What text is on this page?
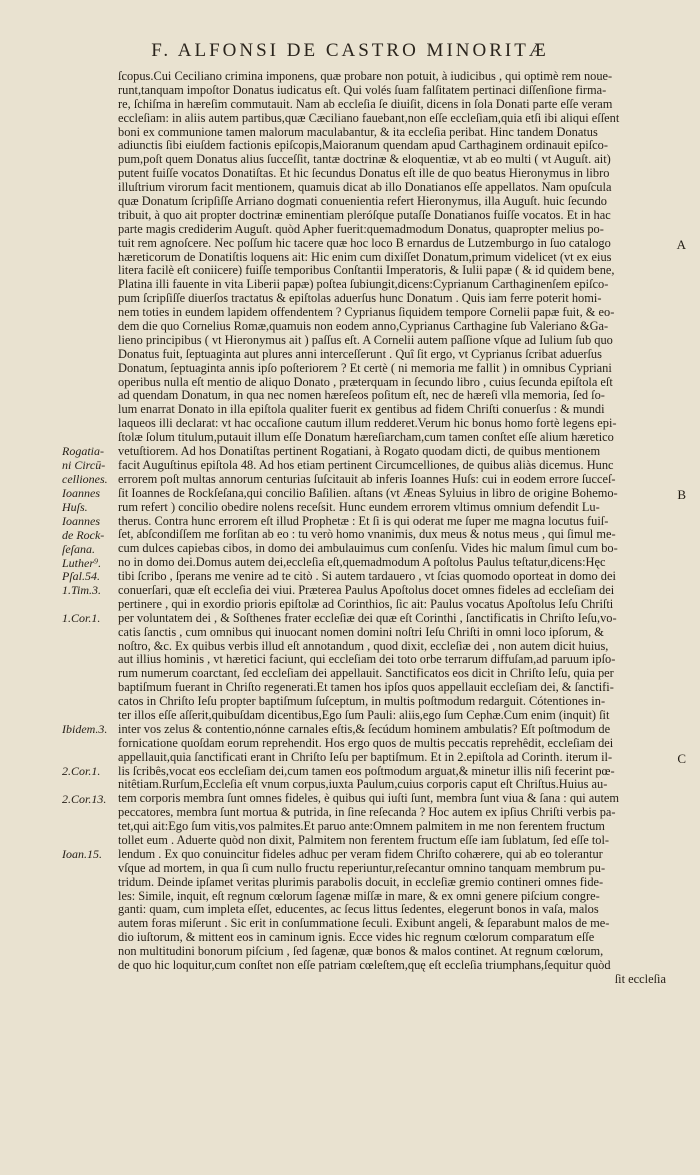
F. ALFONSI DE CASTRO MINORITÆ
ſcopus.Cui Ceciliano crimina imponens, quæ probare non potuit, à iudicibus , qui optimè rem noue-
runt,tanquam impoſtor Donatus iudicatus eſt. Qui volés ſuam falſitatem pertinaci diſſenſione firma-
re, ſchiſma in hæreſim commutauit. Nam ab eccleſia ſe diuiſit, dicens in ſola Donati parte eſſe veram
eccleſiam: in aliis autem partibus,quæ Cæciliano fauebant,non eſſe eccleſiam,quia etſi ibi aliqui eſſent
boni ex communione tamen malorum maculabantur, & ita eccleſia peribat. Hinc tandem Donatus
adiunctis ſibi eiuſdem factionis epiſcopis,Maioranum quendam apud Carthaginem ordinauit epiſco-
pum,poſt quem Donatus alius ſucceſſit, tantæ doctrinæ & eloquentiæ, vt ab eo multi ( vt Auguſt. ait)
putent fuiſſe vocatos Donatiſtas. Et hic ſecundus Donatus eſt ille de quo beatus Hieronymus in libro
illuſtrium virorum facit mentionem, quamuis dicat ab illo Donatianos eſſe appellatos. Nam opuſcula
quæ Donatum ſcripſiſſe Arriano dogmati conuenientia refert Hieronymus, illa Auguſt. huic ſecundo
tribuit, à quo ait propter doctrinæ eminentiam pleróſque putaſſe Donatianos fuiſſe vocatos. Et in hac
parte magis crediderim Auguſt. quòd Apher fuerit:quemadmodum Donatus, quapropter melius po-
tuit rem agnoſcere. Nec poſſum hic tacere quæ hoc loco B ernardus de Lutzemburgo in ſuo catalogo
hæreticorum de Donatiſtis loquens ait: Hic enim cum dixiſſet Donatum,primum videlicet (vt ex eius
litera facilè eſt coniicere) fuiſſe temporibus Conſtantii Imperatoris, & Iulii papæ ( & id quidem bene,
Platina illi fauente in vita Liberii papæ) poſtea ſubiungit,dicens:Cyprianum Carthaginenſem epiſco-
pum ſcripſiſſe diuerſos tractatus & epiſtolas aduerſus hunc Donatum . Quis iam ferre poterit homi-
nem toties in eundem lapidem offendentem ? Cyprianus ſiquidem tempore Cornelii papæ fuit, & eo-
dem die quo Cornelius Romæ,quamuis non eodem anno,Cyprianus Carthagine ſub Valeriano &Ga-
lieno principibus ( vt Hieronymus ait ) paſſus eſt. A Cornelii autem paſſione vſque ad Iulium ſub quo
Donatus fuit, ſeptuaginta aut plures anni interceſſerunt . Quî ſit ergo, vt Cyprianus ſcribat aduerſus
Donatum, ſeptuaginta annis ipſo poſteriorem ? Et certè ( ni memoria me fallit ) in omnibus Cypriani
operibus nulla eſt mentio de aliquo Donato , præterquam in ſecundo libro , cuius ſecunda epiſtola eſt
ad quendam Donatum, in qua nec nomen hæreſeos poſitum eſt, nec de hæreſi vlla memoria, ſed ſo-
lum enarrat Donato in illa epiſtola qualiter fuerit ex gentibus ad fidem Chriſti conuerſus : & mundi
laqueos illi declarat: vt hac occaſione cautum illum redderet.Verum hic bonus homo fortè legens epi-
ſtolæ ſolum titulum,putauit illum eſſe Donatum hæreſiarcham,cum tamen conſtet eſſe alium hæretico
vetuſtiorem. Ad hos Donatiſtas pertinent Rogatiani, à Rogato quodam dicti, de quibus mentionem
facit Auguſtinus epiſtola 48. Ad hos etiam pertinent Circumcelliones, de quibus aliàs dicemus. Hunc
errorem poſt multas annorum centurias ſuſcitauit ab inferis Ioannes Huſs: cui in eodem errore ſucceſ-
ſit Ioannes de Rockſeſana,qui concilio Baſilien. aſtans (vt Æneas Syluius in libro de origine Bohemo-
rum refert ) concilio obedire nolens receſsit. Hunc eundem errorem vltimus omnium defendit Lu-
therus. Contra hunc errorem eſt illud Prophetæ : Et ſi is qui oderat me ſuper me magna locutus fuiſ-
ſet, abſcondiſſem me forſitan ab eo : tu verò homo vnanimis, dux meus & notus meus , qui ſimul me-
cum dulces capiebas cibos, in domo dei ambulauimus cum conſenſu. Vides hic malum ſimul cum bo-
no in domo dei.Domus autem dei,eccleſia eſt,quemadmodum A poſtolus Paulus teſtatur,dicens:Hęc
tibi ſcribo , ſperans me venire ad te citò . Si autem tardauero , vt ſcias quomodo oporteat in domo dei
conuerſari, quæ eſt eccleſia dei viui. Præterea Paulus Apoſtolus docet omnes fideles ad eccleſiam dei
pertinere , qui in exordio prioris epiſtolæ ad Corinthios, ſic ait: Paulus vocatus Apoſtolus Ieſu Chriſti
per voluntatem dei , & Soſthenes frater eccleſiæ dei quæ eſt Corinthi , ſanctificatis in Chriſto Ieſu,vo-
catis ſanctis , cum omnibus qui inuocant nomen domini noſtri Ieſu Chriſti in omni loco ipſorum, &
noſtro, &c. Ex quibus verbis illud eſt annotandum , quod dixit, eccleſiæ dei , non autem dicit huius,
aut illius hominis , vt hæretici faciunt, qui eccleſiam dei toto orbe terrarum diffuſam,ad paruum ipſo-
rum numerum coarctant, ſed eccleſiam dei appellauit. Sanctificatos eos dicit in Chriſto Ieſu, quia per
baptiſmum fuerant in Chriſto regenerati.Et tamen hos ipſos quos appellauit eccleſiam dei, & ſanctifi-
catos in Chriſto Ieſu propter baptiſmum ſuſceptum, in multis poſtmodum redarguit. Cótentiones in-
ter illos eſſe aſſerit,quibuſdam dicentibus,Ego ſum Pauli: aliis,ego ſum Cephæ.Cum enim (inquit) ſit
inter vos zelus & contentio,nónne carnales eſtis,& ſecúdum hominem ambulatis? Eſt poſtmodum de
fornicatione quoſdam eorum reprehendit. Hos ergo quos de multis peccatis reprehêdit, eccleſiam dei
appellauit,quia ſanctificati erant in Chriſto Ieſu per baptiſmum. Et in 2.epiſtola ad Corinth. iterum il-
lis ſcribês,vocat eos eccleſiam dei,cum tamen eos poſtmodum arguat,& minetur illis niſi fecerint pœ-
nitêtiam.Rurſum,Eccleſia eſt vnum corpus,iuxta Paulum,cuius corporis caput eſt Chriſtus.Huius au-
tem corporis membra ſunt omnes fideles, è quibus qui iuſti ſunt, membra ſunt viua & ſana : qui autem
peccatores, membra ſunt mortua & putrida, in ſine reſecanda ? Hoc autem ex ipſius Chriſti verbis pa-
tet,qui ait:Ego ſum vitis,vos palmites.Et paruo ante:Omnem palmitem in me non ferentem fructum
tollet eum . Aduerte quòd non dixit, Palmitem non ferentem fructum eſſe iam ſublatum, ſed eſſe tol-
lendum . Ex quo conuincitur fideles adhuc per veram fidem Chriſto cohærere, qui ab eo tolerantur
vſque ad mortem, in qua ſi cum nullo fructu reperiuntur,reſecantur omnino tanquam membrum pu-
tridum. Deinde ipſamet veritas plurimis parabolis docuit, in eccleſiæ gremio contineri omnes fide-
les: Simile, inquit, eſt regnum cœlorum ſagenæ miſſæ in mare, & ex omni genere piſcium congre-
ganti: quam, cum impleta eſſet, educentes, ac ſecus littus ſedentes, elegerunt bonos in vaſa, malos
autem foras miſerunt . Sic erit in conſummatione ſeculi. Exibunt angeli, & ſeparabunt malos de me-
dio iuſtorum, & mittent eos in caminum ignis. Ecce vides hic regnum cœlorum comparatum eſſe
non multitudini bonorum piſcium , ſed ſagenæ, quæ bonos & malos continet. At regnum cœlorum,
de quo hic loquitur,cum conſtet non eſſe patriam cœleſtem,quę eſt eccleſia triumphans,ſequitur quòd
ſit eccleſia
Rogatia-
ni Circū-
celliones.
Ioannes
Huſs.
Ioannes
de Rock-
ſeſana.
Luther⁹.
Pſal.54.
1.Tim.3.
1.Cor.1.
Ibidem.3.
2.Cor.1.
2.Cor.13.
Ioan.15.
A
B
C
